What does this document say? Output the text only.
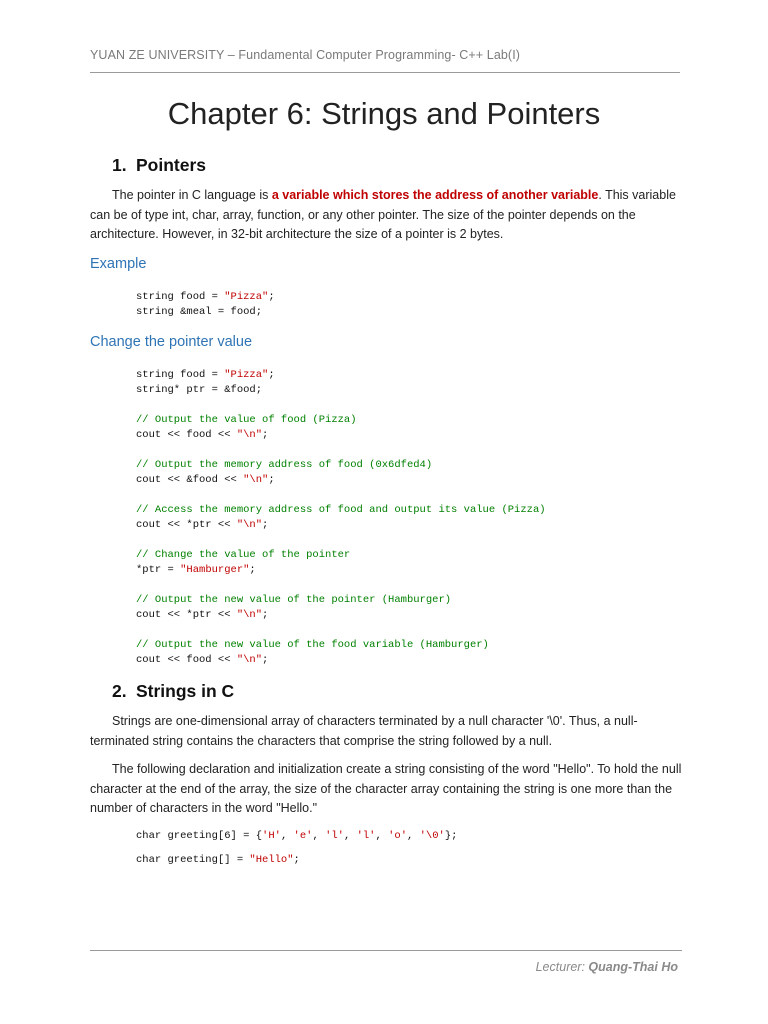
YUAN ZE UNIVERSITY – Fundamental Computer Programming- C++ Lab(I)
Chapter 6: Strings and Pointers
1. Pointers
The pointer in C language is a variable which stores the address of another variable. This variable can be of type int, char, array, function, or any other pointer. The size of the pointer depends on the architecture. However, in 32-bit architecture the size of a pointer is 2 bytes.
Example
string food = "Pizza";
string &meal = food;
Change the pointer value
string food = "Pizza";
string* ptr = &food;
// Output the value of food (Pizza)
cout << food << "\n";
// Output the memory address of food (0x6dfed4)
cout << &food << "\n";
// Access the memory address of food and output its value (Pizza)
cout << *ptr << "\n";
// Change the value of the pointer
*ptr = "Hamburger";
// Output the new value of the pointer (Hamburger)
cout << *ptr << "\n";
// Output the new value of the food variable (Hamburger)
cout << food << "\n";
2. Strings in C
Strings are one-dimensional array of characters terminated by a null character '\0'. Thus, a null-terminated string contains the characters that comprise the string followed by a null.
The following declaration and initialization create a string consisting of the word "Hello". To hold the null character at the end of the array, the size of the character array containing the string is one more than the number of characters in the word "Hello."
char greeting[6] = {'H', 'e', 'l', 'l', 'o', '\0'};
char greeting[] = "Hello";
Lecturer: Quang-Thai Ho
